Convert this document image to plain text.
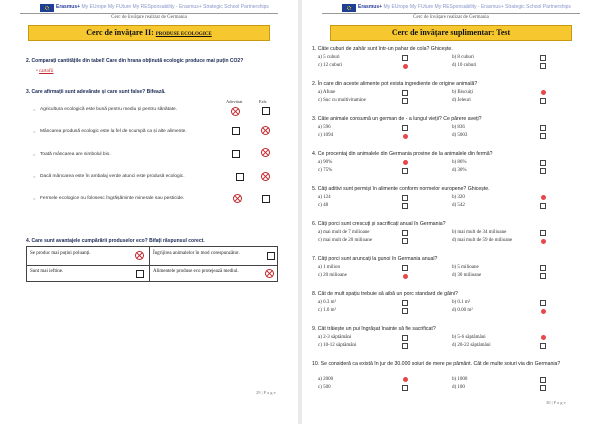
Erasmus+ My EUrope My FUture My RESponsability - Erasmus+ Strategic School Partnerships
Cerc de învățare realizat de Germania
Cerc de învățare II: PRODUSE ECOLOGICE
2. Comparați cantitățile din tabel! Care din hrana obținută ecologic produce mai puțin CO2?
• cartofii
3. Care afirmații sunt adevărate și care sunt false? Bifează.
Adevărat	Fals
○ Agricultura ecologică este bună pentru mediu și pentru sănătate.
○ Mâncarea produsă ecologic este la fel de scumpă ca și alte alimente.
○ Toată mâncarea are simbolul bio.
○ Dacă mâncarea este în ambalaj verde atunci este produsă ecologic.
○ Fermele ecologice nu folosesc îngrășăminte minerale sau pesticide.
4. Care sunt avantajele cumpărării produselor eco? Bifați răspunsul corect.
Se produc mai puțini poluanți.	Îngrijirea animalelor în mod corespunzător.
Sunt mai ieftine.	Alimentele produse eco protejează mediul.
29 | P a g e
Erasmus+ My EUrope My FUture My RESponsability - Erasmus+ Strategic School Partnerships
Cerc de învățare realizat de Germania
Cerc de învățare suplimentar: Test
1. Câte cuburi de zahăr sunt într-un pahar de cola? Ghicește.
a) 5 cuburi	b) 8 cuburi
c) 12 cuburi	d) 10 cuburi
2. În care din aceste alimente pot exista ingrediente de origine animală?
a) Afune	b) Biscuiți
c) Suc cu multivitamine	d) Jeleuri
3. Câte animale consumă un german de - a lungul vieții? Ce părere aveți?
a) 596	b) 836
c) 1094	d) 5003
4. Ce procentaj din animalele din Germania provine de la animalele din fermă?
a) 90%	b) 86%
c) 75%	d) 30%
5. Câți aditivi sunt permiși în alimente conform normelor europene? Ghicește.
a) 124	b) 320
c) 48	d) 542
6. Câți porci sunt crescuți și sacrificați anual în Germania?
a) mai mult de 7 milioane	b) mai mult de 34 milioane
c) mai mult de 20 milioane	d) mai mult de 59 de milioane
7. Câți porci sunt aruncați la gunoi în Germania anual?
a) 1 milion	b) 5 milioane
c) 20 milioane	d) 30 milioane
8. Cât de mult spațiu trebuie să aibă un porc standard de găini?
a) 0.3 m²	b) 0.1 m²
c) 1.0 m²	d) 0.00 m²
9. Cât trăiește un pui îngrășat înainte să fie sacrificat?
a) 2-3 săptămâni	b) 5-6 săptămâni
c) 10-12 săptămâni	d) 20-22 săptămâni
10. Se consideră ca există în jur de 30.000 soiuri de mere pe pământ. Cât de multe soiuri via din Germania?
a) 2000	b) 1000
c) 500	d) 100
30 | P a g e
